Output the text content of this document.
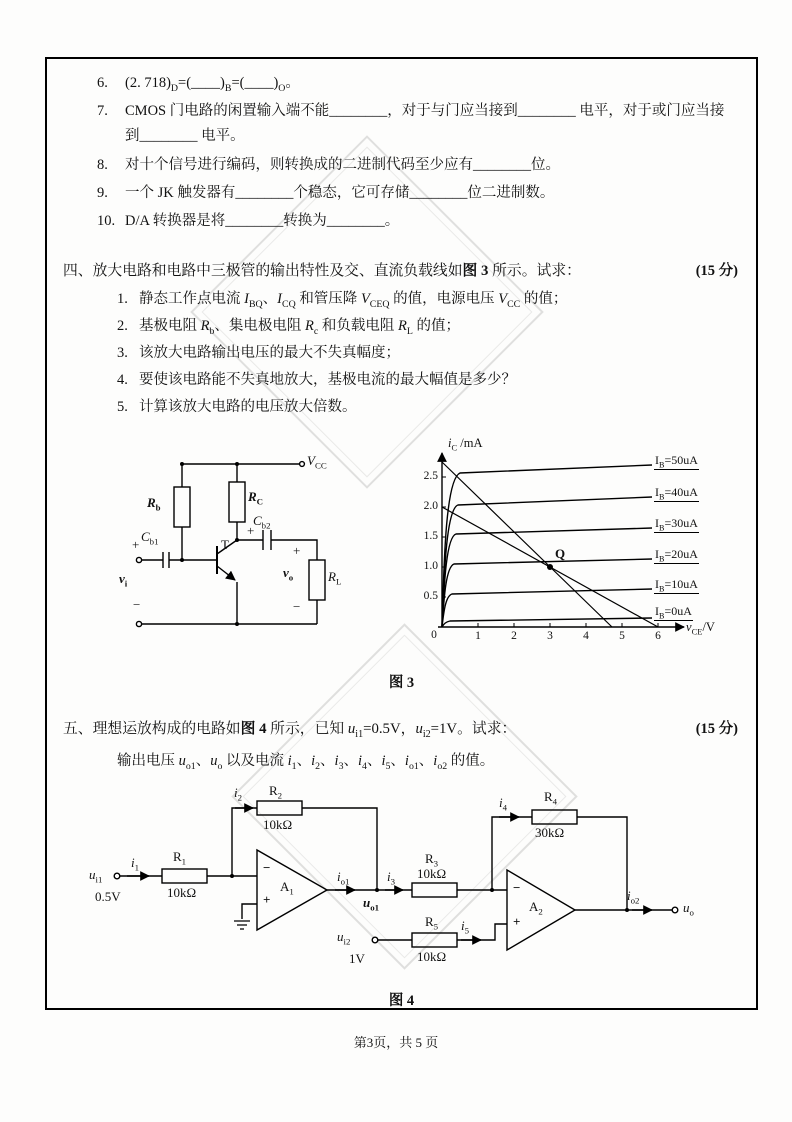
6. (2. $718)_D=(\_\_\_\_)_B=(\_\_\_\_)_O$。
7. CMOS 门电路的闲置输入端不能________，对于与门应当接到________ 电平，对于或门应当接到________ 电平。
8. 对十个信号进行编码，则转换成的二进制代码至少应有________位。
9. 一个 JK 触发器有________个稳态，它可存储________位二进制数。
10. D/A 转换器是将________转换为________。
四、放大电路和电路中三极管的输出特性及交、直流负载线如图 3 所示。试求：	(15 分)
1. 静态工作点电流 $I_{BQ}$、$I_{CQ}$ 和管压降 $V_{CEQ}$ 的值，电源电压 $V_{CC}$ 的值；
2. 基极电阻 $R_b$、集电极电阻 $R_c$ 和负载电阻 $R_L$ 的值；
3. 该放大电路输出电压的最大不失真幅度；
4. 要使该电路能不失真地放大，基极电流的最大幅值是多少？
5. 计算该放大电路的电压放大倍数。
$V_{CC}$
$R_b$
$R_C$
$C_{b1}$
$C_{b2}$
T
$v_i$
+
−
+
+
−
$v_o$	$R_L$
$i_C$ /mA
2.5
2.0
1.5
1.0
0.5
0	1	2	3	4	5	6
$v_{CE}/V$
$I_B=50uA$
$I_B=40uA$
$I_B=30uA$
$I_B=20uA$
$I_B=10uA$
$I_B=0uA$
Q
图 3
五、理想运放构成的电路如图 4 所示，已知 $u_{i1}=0.5V$，$u_{i2}=1V$。试求：	(15 分)
输出电压 $u_{o1}$、$u_o$ 以及电流 $i_1$、$i_2$、$i_3$、$i_4$、$i_5$、$i_{o1}$、$i_{o2}$ 的值。
$u_{i1}$
0.5V
$i_1$
$R_1$
10kΩ
$i_2$ $R_2$
10kΩ
−
+
$A_1$
$i_{o1}$
$u_{o1}$
$i_3$
$R_3$
10kΩ
$i_4$
$R_4$
30kΩ
−
+
$A_2$
$i_{o2}$	$u_o$
$u_{i2}$
1V
$R_5$
10kΩ
$i_5$
图 4
第3页，共 5 页
